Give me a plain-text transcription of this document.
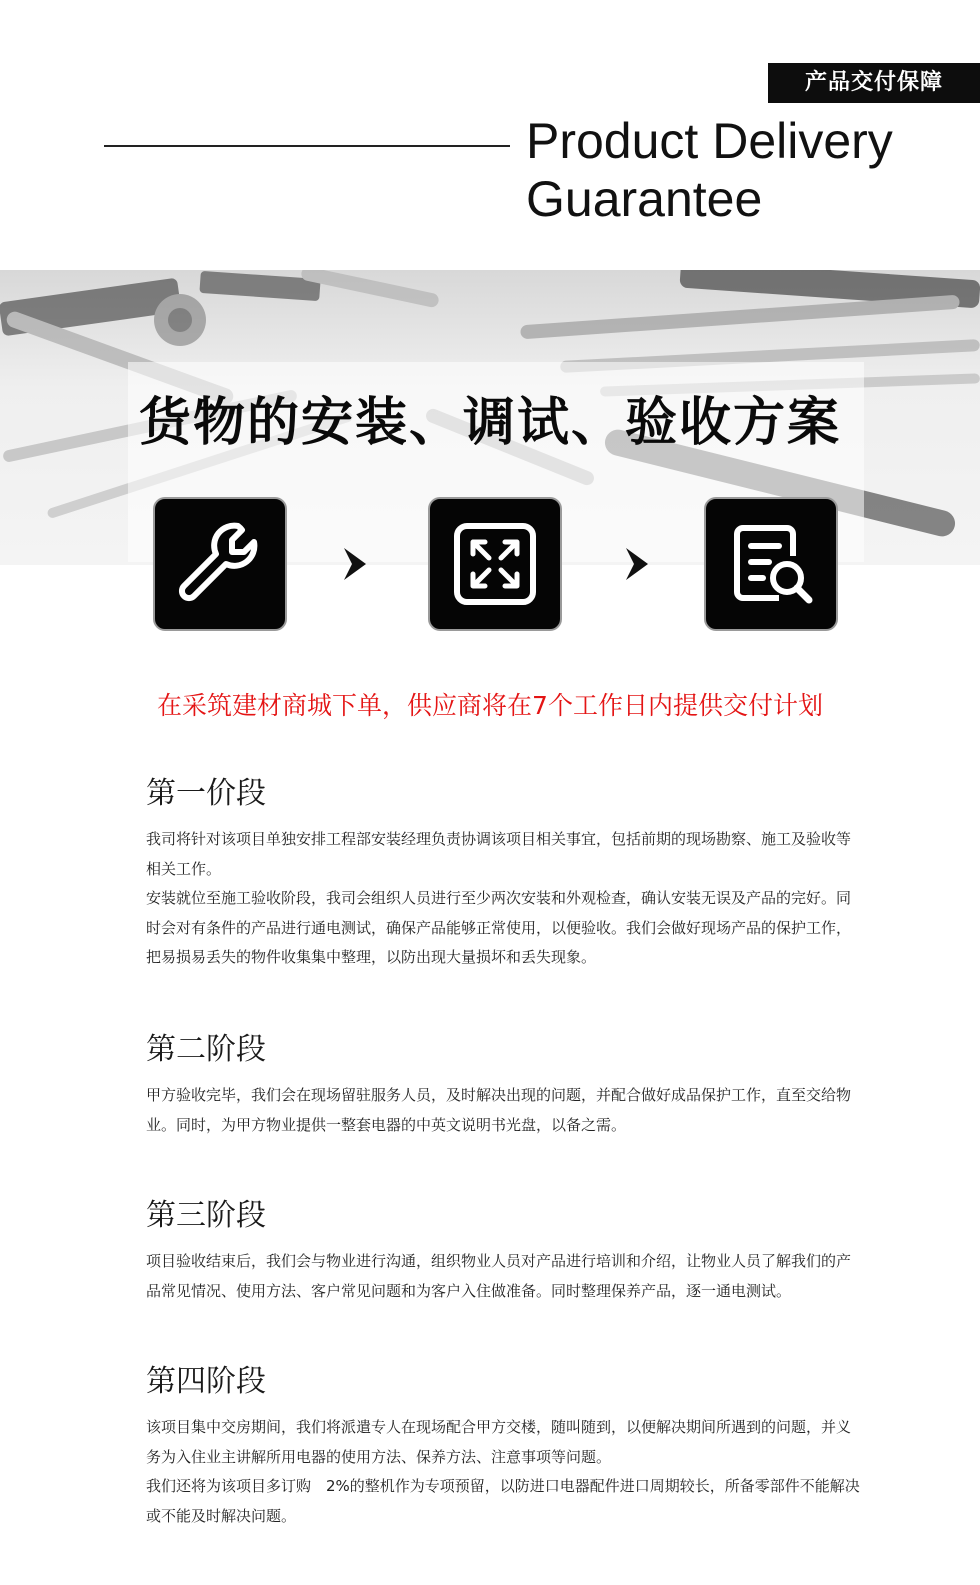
产品交付保障
Product Delivery
Guarantee
货物的安装、调试、验收方案
在采筑建材商城下单，供应商将在7个工作日内提供交付计划
第一价段

我司将针对该项目单独安排工程部安装经理负责协调该项目相关事宜，包括前期的现场勘察、施工及验收等相关工作。

安装就位至施工验收阶段，我司会组织人员进行至少两次安装和外观检查，确认安装无误及产品的完好。同时会对有条件的产品进行通电测试，确保产品能够正常使用，以便验收。我们会做好现场产品的保护工作，把易损易丢失的物件收集集中整理，以防出现大量损坏和丢失现象。

第二阶段

甲方验收完毕，我们会在现场留驻服务人员，及时解决出现的问题，并配合做好成品保护工作，直至交给物业。同时，为甲方物业提供一整套电器的中英文说明书光盘，以备之需。

第三阶段

项目验收结束后，我们会与物业进行沟通，组织物业人员对产品进行培训和介绍，让物业人员了解我们的产品常见情况、使用方法、客户常见问题和为客户入住做准备。同时整理保养产品，逐一通电测试。

第四阶段

该项目集中交房期间，我们将派遣专人在现场配合甲方交楼，随叫随到，以便解决期间所遇到的问题，并义务为入住业主讲解所用电器的使用方法、保养方法、注意事项等问题。

我们还将为该项目多订购　2%的整机作为专项预留，以防进口电器配件进口周期较长，所备零部件不能解决或不能及时解决问题。
